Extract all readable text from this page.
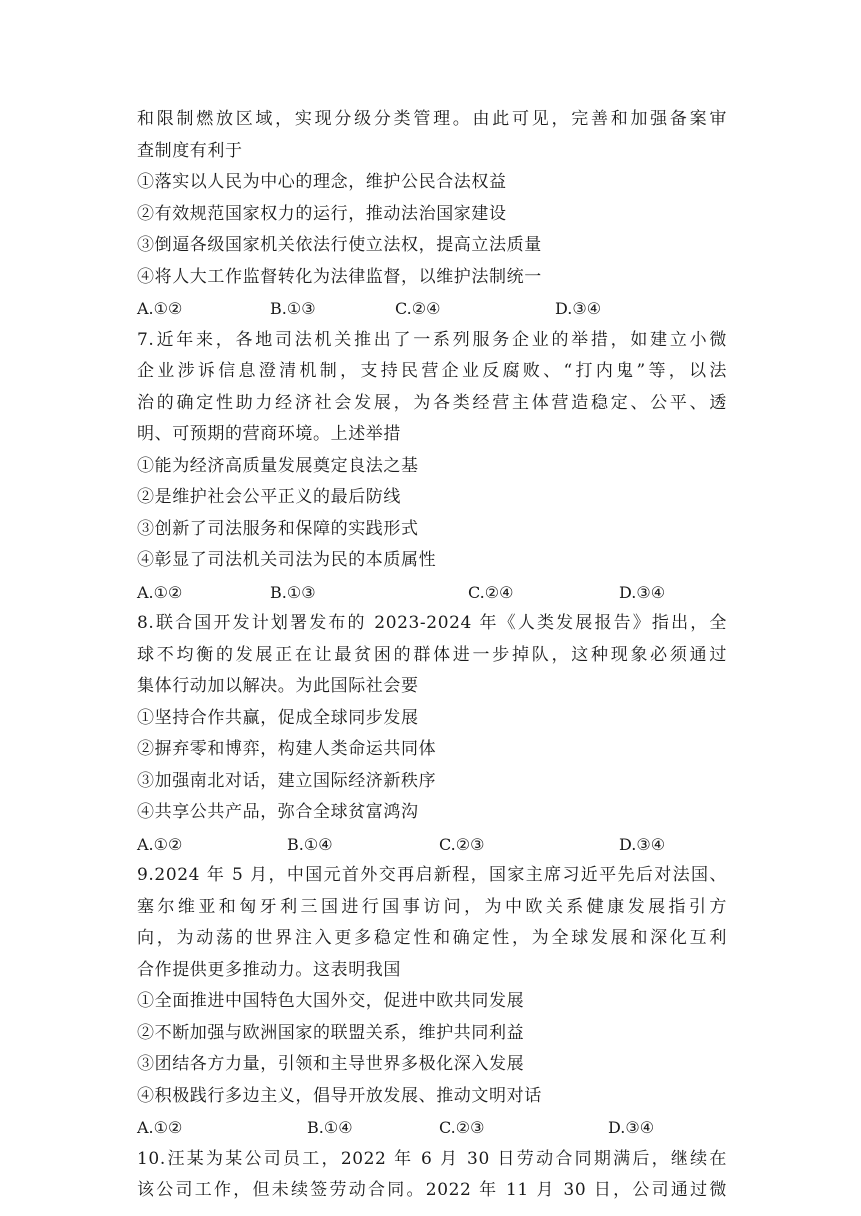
和限制燃放区域，实现分级分类管理。由此可见，完善和加强备案审
查制度有利于
①落实以人民为中心的理念，维护公民合法权益
②有效规范国家权力的运行，推动法治国家建设
③倒逼各级国家机关依法行使立法权，提高立法质量
④将人大工作监督转化为法律监督，以维护法制统一
A.①②	B.①③	C.②④	D.③④
7.近年来，各地司法机关推出了一系列服务企业的举措，如建立小微
企业涉诉信息澄清机制，支持民营企业反腐败、“打内鬼”等，以法
治的确定性助力经济社会发展，为各类经营主体营造稳定、公平、透
明、可预期的营商环境。上述举措
①能为经济高质量发展奠定良法之基
②是维护社会公平正义的最后防线
③创新了司法服务和保障的实践形式
④彰显了司法机关司法为民的本质属性
A.①②	B.①③	C.②④	D.③④
8.联合国开发计划署发布的 2023-2024 年《人类发展报告》指出，全
球不均衡的发展正在让最贫困的群体进一步掉队，这种现象必须通过
集体行动加以解决。为此国际社会要
①坚持合作共赢，促成全球同步发展
②摒弃零和博弈，构建人类命运共同体
③加强南北对话，建立国际经济新秩序
④共享公共产品，弥合全球贫富鸿沟
A.①②	B.①④	C.②③	D.③④
9.2024 年 5 月，中国元首外交再启新程，国家主席习近平先后对法国、
塞尔维亚和匈牙利三国进行国事访问，为中欧关系健康发展指引方
向，为动荡的世界注入更多稳定性和确定性，为全球发展和深化互利
合作提供更多推动力。这表明我国
①全面推进中国特色大国外交，促进中欧共同发展
②不断加强与欧洲国家的联盟关系，维护共同利益
③团结各方力量，引领和主导世界多极化深入发展
④积极践行多边主义，倡导开放发展、推动文明对话
A.①②	B.①④	C.②③	D.③④
10.汪某为某公司员工，2022 年 6 月 30 日劳动合同期满后，继续在
该公司工作，但未续签劳动合同。2022 年 11 月 30 日，公司通过微
